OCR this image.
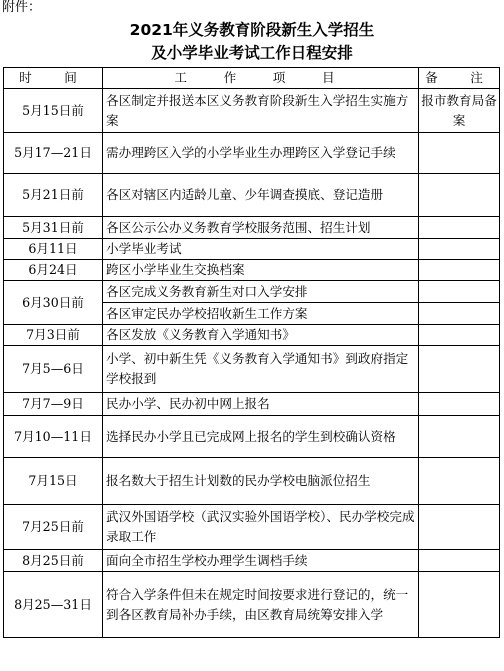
附件：
2021年义务教育阶段新生入学招生
及小学毕业考试工作日程安排
时　间	工　作　项　目	备　注
5月15日前	各区制定并报送本区义务教育阶段新生入学招生实施方案	报市教育局备案
5月17—21日	需办理跨区入学的小学毕业生办理跨区入学登记手续	
5月21日前	各区对辖区内适龄儿童、少年调查摸底、登记造册	
5月31日前	各区公示公办义务教育学校服务范围、招生计划	
6月11日	小学毕业考试	
6月24日	跨区小学毕业生交换档案	
6月30日前	各区完成义务教育新生对口入学安排	
	各区审定民办学校招收新生工作方案	
7月3日前	各区发放《义务教育入学通知书》	
7月5—6日	小学、初中新生凭《义务教育入学通知书》到政府指定学校报到	
7月7—9日	民办小学、民办初中网上报名	
7月10—11日	选择民办小学且已完成网上报名的学生到校确认资格	
7月15日	报名数大于招生计划数的民办学校电脑派位招生	
7月25日前	武汉外国语学校（武汉实验外国语学校）、民办学校完成录取工作	
8月25日前	面向全市招生学校办理学生调档手续	
8月25—31日	符合入学条件但未在规定时间按要求进行登记的，统一到各区教育局补办手续，由区教育局统筹安排入学	
